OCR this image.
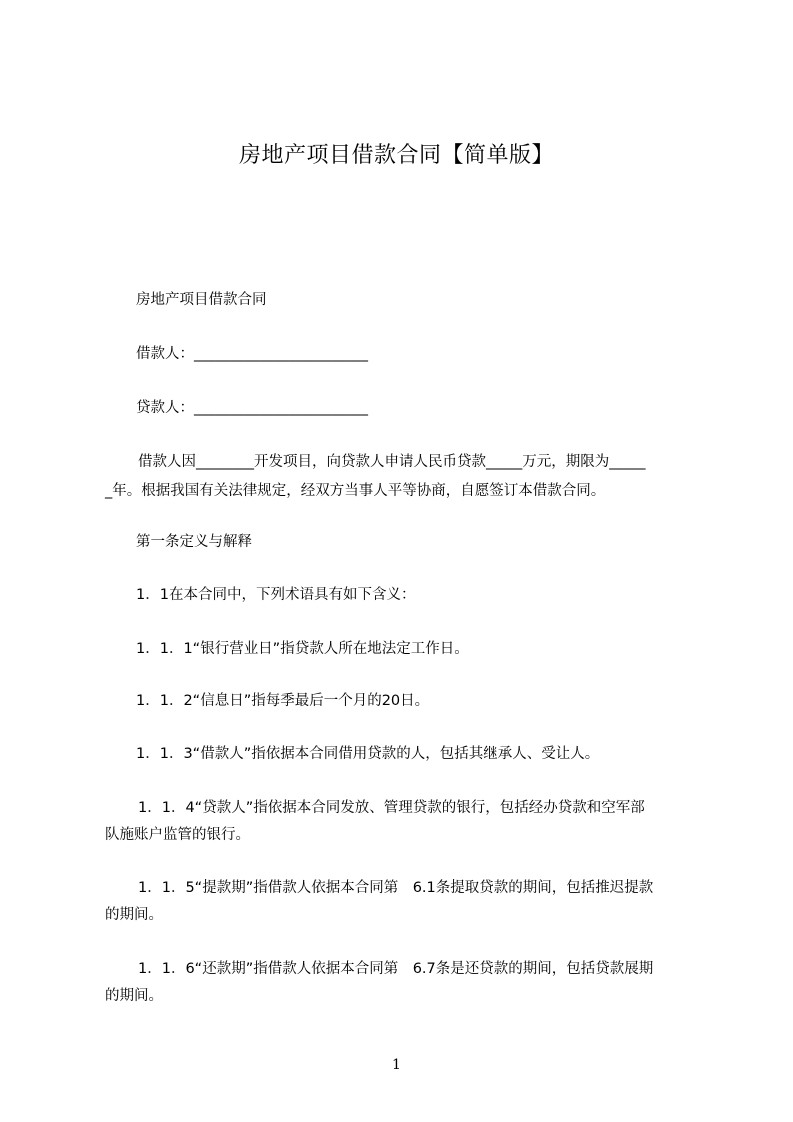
房地产项目借款合同【简单版】
房地产项目借款合同
借款人：________________________
贷款人：________________________
借款人因________开发项目，向贷款人申请人民币贷款_____万元，期限为_____
_年。根据我国有关法律规定，经双方当事人平等协商，自愿签订本借款合同。
第一条定义与解释
1．1在本合同中，下列术语具有如下含义：
1．1．1“银行营业日”指贷款人所在地法定工作日。
1．1．2“信息日”指每季最后一个月的20日。
1．1．3“借款人”指依据本合同借用贷款的人，包括其继承人、受让人。
1．1．4“贷款人”指依据本合同发放、管理贷款的银行，包括经办贷款和空军部
队施账户监管的银行。
1．1．5“提款期”指借款人依据本合同第　6.1条提取贷款的期间，包括推迟提款
的期间。
1．1．6“还款期”指借款人依据本合同第　6.7条是还贷款的期间，包括贷款展期
的期间。
1
